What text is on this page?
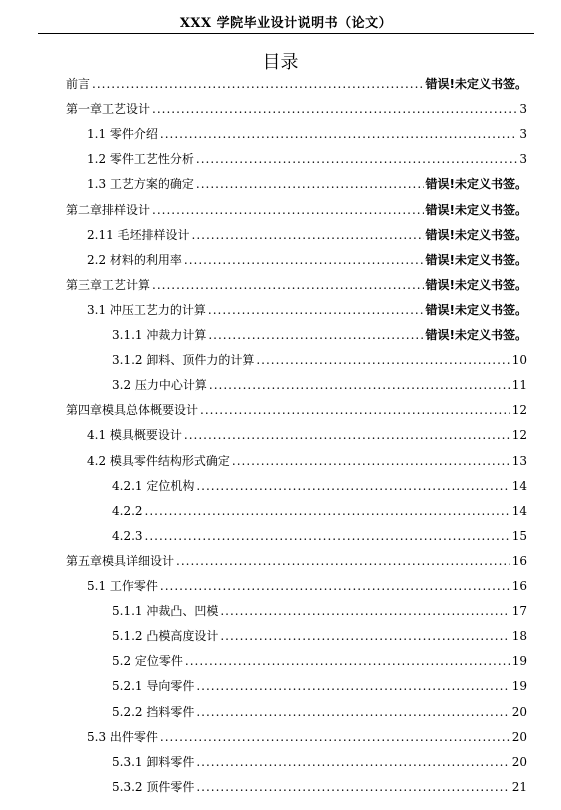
XXX 学院毕业设计说明书（论文）
目录
前言 .....	错误!未定义书签。
第一章工艺设计 .....	3
1.1 零件介绍 .....	3
1.2 零件工艺性分析 .....	3
1.3 工艺方案的确定 .....	错误!未定义书签。
第二章排样设计 .....	错误!未定义书签。
2.11 毛坯排样设计 .....	错误!未定义书签。
2.2 材料的利用率 .....	错误!未定义书签。
第三章工艺计算 .....	错误!未定义书签。
3.1 冲压工艺力的计算 .....	错误!未定义书签。
3.1.1 冲裁力计算 .....	错误!未定义书签。
3.1.2 卸料、顶件力的计算 .....	10
3.2 压力中心计算 .....	11
第四章模具总体概要设计 .....	12
4.1 模具概要设计 .....	12
4.2 模具零件结构形式确定 .....	13
4.2.1 定位机构 .....	14
4.2.2 .....	14
4.2.3 .....	15
第五章模具详细设计 .....	16
5.1 工作零件 .....	16
5.1.1 冲裁凸、凹模 .....	17
5.1.2 凸模高度设计 .....	18
5.2 定位零件 .....	19
5.2.1 导向零件 .....	19
5.2.2 挡料零件 .....	20
5.3 出件零件 .....	20
5.3.1 卸料零件 .....	20
5.3.2 顶件零件 .....	21
